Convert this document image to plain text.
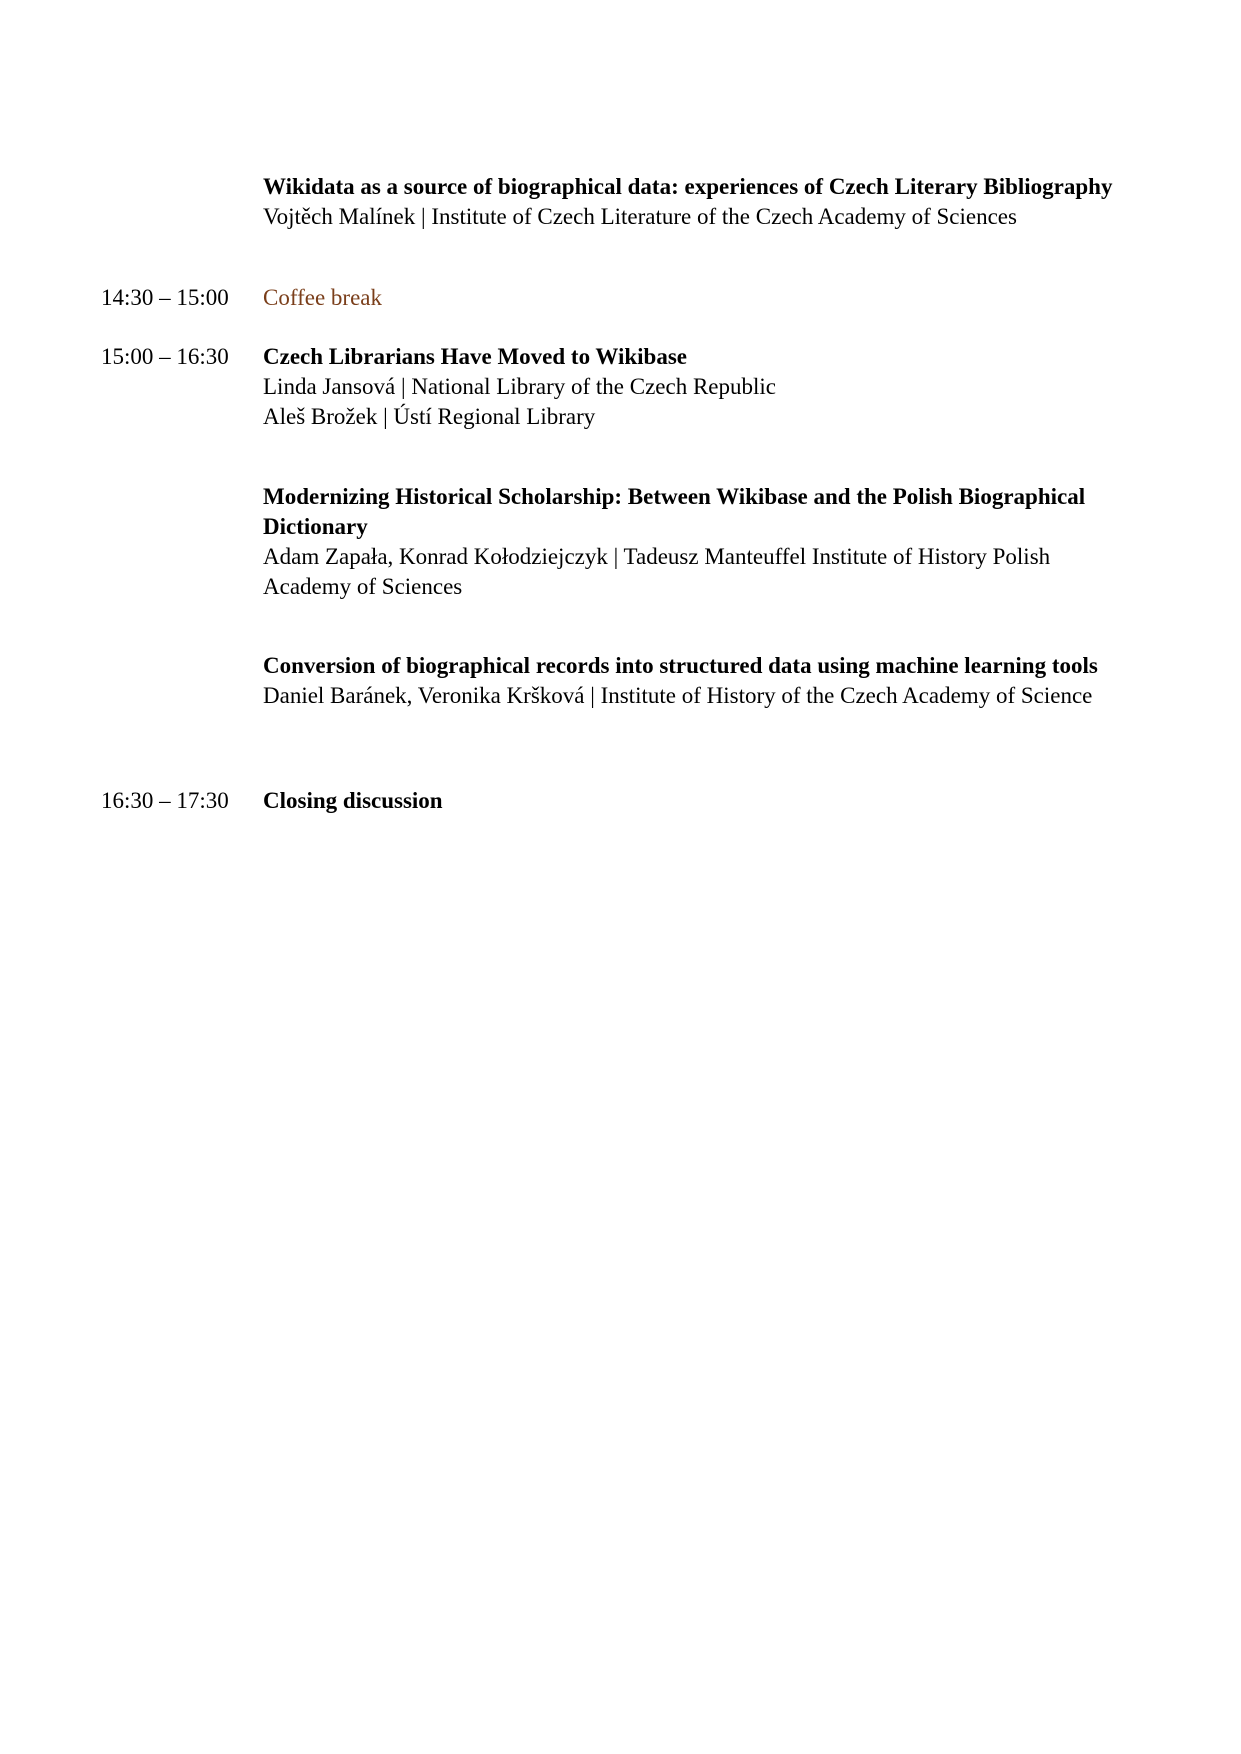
Wikidata as a source of biographical data: experiences of Czech Literary Bibliography
Vojtěch Malínek | Institute of Czech Literature of the Czech Academy of Sciences
14:30 – 15:00 Coffee break
15:00 – 16:30 Czech Librarians Have Moved to Wikibase
Linda Jansová | National Library of the Czech Republic
Aleš Brožek | Ústí Regional Library
Modernizing Historical Scholarship: Between Wikibase and the Polish Biographical Dictionary
Adam Zapała, Konrad Kołodziejczyk | Tadeusz Manteuffel Institute of History Polish Academy of Sciences
Conversion of biographical records into structured data using machine learning tools
Daniel Baránek, Veronika Kršková | Institute of History of the Czech Academy of Science
16:30 – 17:30 Closing discussion
